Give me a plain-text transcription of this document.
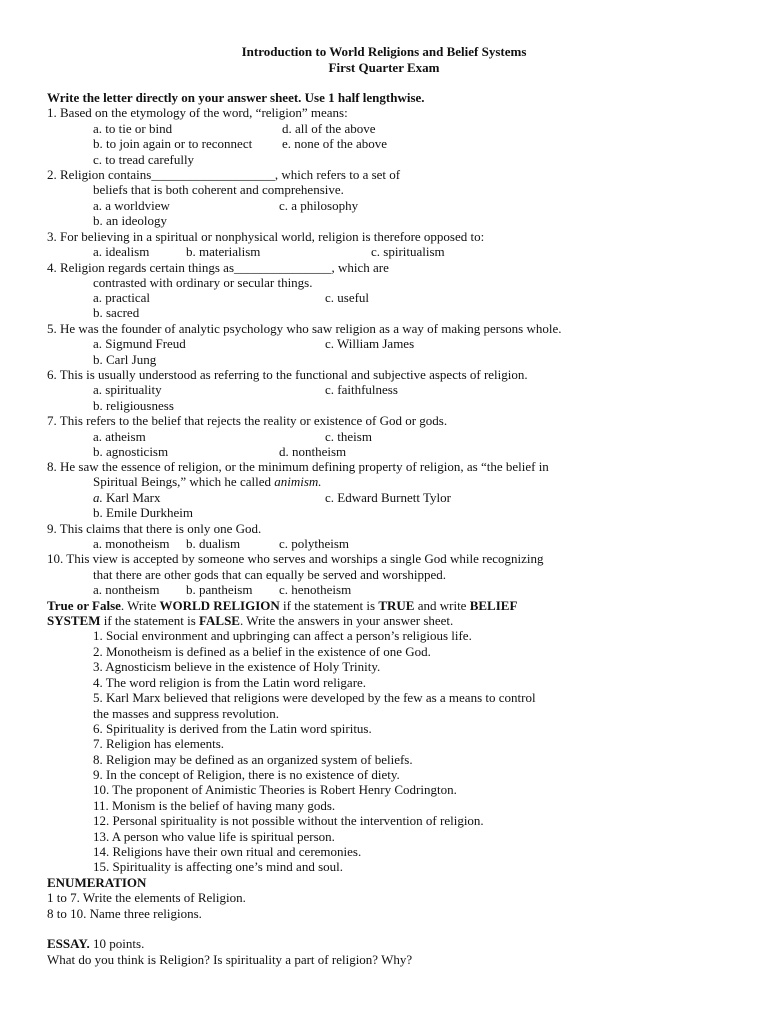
Introduction to World Religions and Belief Systems
First Quarter Exam
Write the letter directly on your answer sheet. Use 1 half lengthwise.
1. Based on the etymology of the word, “religion” means:
a. to tie or bind	d. all of the above
b. to join again or to reconnect e. none of the above
c. to tread carefully
2. Religion contains___________________, which refers to a set of
beliefs that is both coherent and comprehensive.
a. a worldview	c. a philosophy
b. an ideology
3. For believing in a spiritual or nonphysical world, religion is therefore opposed to:
a. idealism	b. materialism	c. spiritualism
4. Religion regards certain things as_______________, which are
contrasted with ordinary or secular things.
a. practical	c. useful
b. sacred
5. He was the founder of analytic psychology who saw religion as a way of making persons whole.
a. Sigmund Freud	c. William James
b. Carl Jung
6. This is usually understood as referring to the functional and subjective aspects of religion.
a. spirituality	c. faithfulness
b. religiousness
7. This refers to the belief that rejects the reality or existence of God or gods.
a. atheism	c. theism
b. agnosticism	d. nontheism
8. He saw the essence of religion, or the minimum defining property of religion, as “the belief in
Spiritual Beings,” which he called animism.
a. Karl Marx	c. Edward Burnett Tylor
b. Emile Durkheim
9. This claims that there is only one God.
a. monotheism b. dualism	c. polytheism
10. This view is accepted by someone who serves and worships a single God while recognizing
that there are other gods that can equally be served and worshipped.
a. nontheism b. pantheism c. henotheism
True or False. Write WORLD RELIGION if the statement is TRUE and write BELIEF
SYSTEM if the statement is FALSE. Write the answers in your answer sheet.
1. Social environment and upbringing can affect a person’s religious life.
2. Monotheism is defined as a belief in the existence of one God.
3. Agnosticism believe in the existence of Holy Trinity.
4. The word religion is from the Latin word religare.
5. Karl Marx believed that religions were developed by the few as a means to control
the masses and suppress revolution.
6. Spirituality is derived from the Latin word spiritus.
7. Religion has elements.
8. Religion may be defined as an organized system of beliefs.
9. In the concept of Religion, there is no existence of diety.
10. The proponent of Animistic Theories is Robert Henry Codrington.
11. Monism is the belief of having many gods.
12. Personal spirituality is not possible without the intervention of religion.
13. A person who value life is spiritual person.
14. Religions have their own ritual and ceremonies.
15. Spirituality is affecting one’s mind and soul.
ENUMERATION
1 to 7. Write the elements of Religion.
8 to 10. Name three religions.
ESSAY. 10 points.
What do you think is Religion? Is spirituality a part of religion? Why?
